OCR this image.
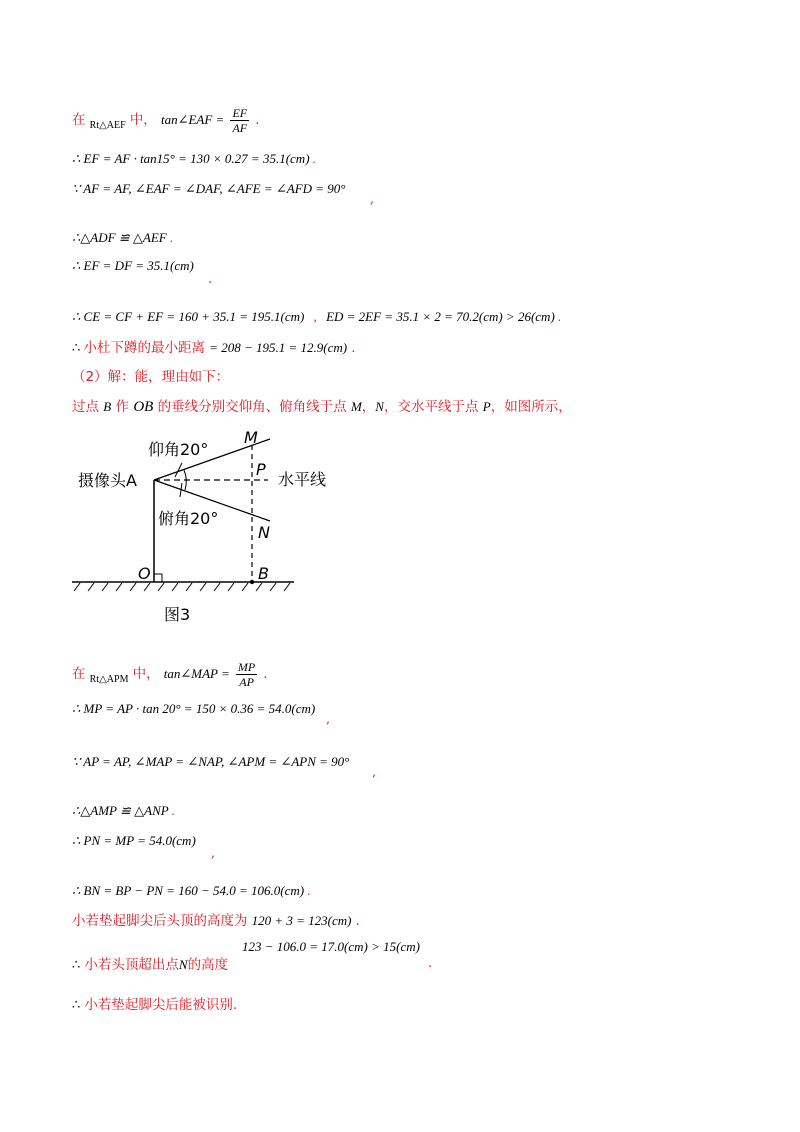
在 $_{Rt\triangle AEF}$ 中， tan∠EAF = $\frac{EF}{AF}$ .
∴ EF = AF · tan15° = 130 × 0.27 = 35.1(cm) .
∵ AF = AF, ∠EAF = ∠DAF, ∠AFE = ∠AFD = 90°
,
∴△ADF ≌ △AEF .
∴ EF = DF = 35.1(cm)
.
∴ CE = CF + EF = 160 + 35.1 = 195.1(cm) , ED = 2EF = 35.1 × 2 = 70.2(cm) > 26(cm) .
∴ 小杜下蹲的最小距离 = 208 − 195.1 = 12.9(cm) .
（2）解：能，理由如下：
过点 B 作 OB 的垂线分别交仰角、俯角线于点 M，N，交水平线于点 P，如图所示，
仰角20°
俯角20°
摄像头A	水平线
M
P
N
O	B
图3
在 $_{Rt\triangle APM}$ 中， tan∠MAP = $\frac{MP}{AP}$ .
∴ MP = AP · tan 20° = 150 × 0.36 = 54.0(cm)
,
∵ AP = AP, ∠MAP = ∠NAP, ∠APM = ∠APN = 90°
,
∴△AMP ≌ △ANP .
∴ PN = MP = 54.0(cm)
,
∴ BN = BP − PN = 160 − 54.0 = 106.0(cm) .
小若垫起脚尖后头顶的高度为 120 + 3 = 123(cm) .
123 − 106.0 = 17.0(cm) > 15(cm)
∴ 小若头顶超出点N的高度	.
∴ 小若垫起脚尖后能被识别.
